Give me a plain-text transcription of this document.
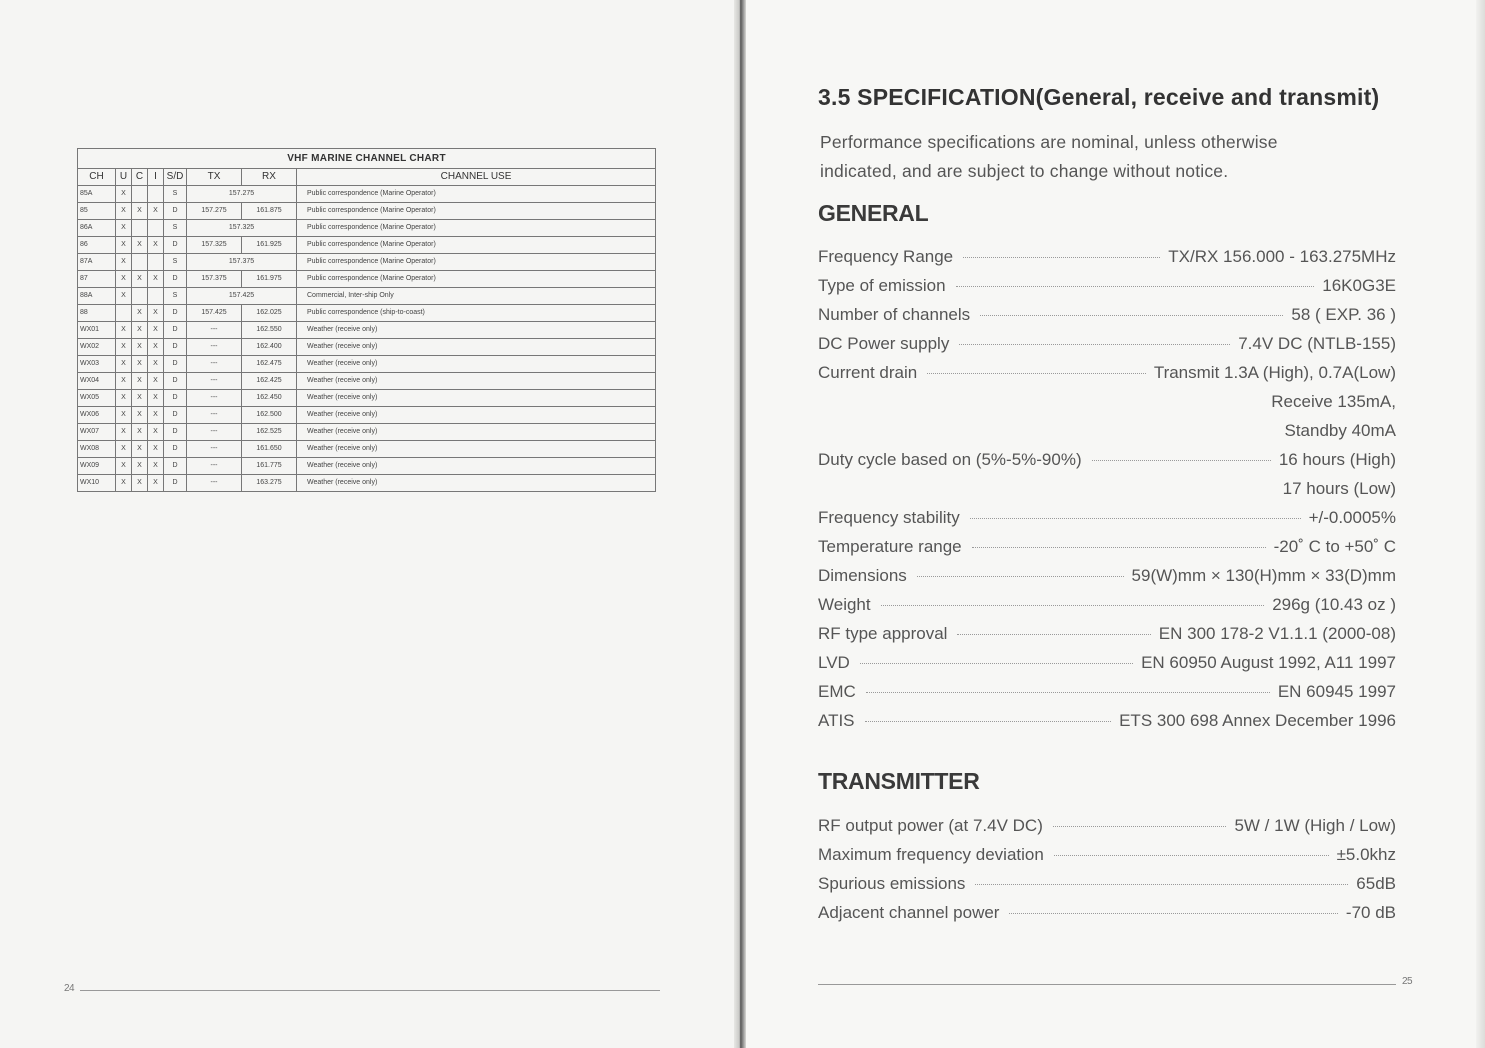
VHF MARINE CHANNEL CHART							
CH	U	C	I	S/D	TX	RX	CHANNEL USE
85A	X			S	157.275		Public correspondence (Marine Operator)
85	X	X	X	D	157.275	161.875	Public correspondence (Marine Operator)
86A	X			S	157.325		Public correspondence (Marine Operator)
86	X	X	X	D	157.325	161.925	Public correspondence (Marine Operator)
87A	X			S	157.375		Public correspondence (Marine Operator)
87	X	X	X	D	157.375	161.975	Public correspondence (Marine Operator)
88A	X			S	157.425		Commercial, Inter-ship Only
88		X	X	D	157.425	162.025	Public correspondence (ship-to-coast)
WX01	X	X	X	D	---	162.550	Weather (receive only)
WX02	X	X	X	D	---	162.400	Weather (receive only)
WX03	X	X	X	D	---	162.475	Weather (receive only)
WX04	X	X	X	D	---	162.425	Weather (receive only)
WX05	X	X	X	D	---	162.450	Weather (receive only)
WX06	X	X	X	D	---	162.500	Weather (receive only)
WX07	X	X	X	D	---	162.525	Weather (receive only)
WX08	X	X	X	D	---	161.650	Weather (receive only)
WX09	X	X	X	D	---	161.775	Weather (receive only)
WX10	X	X	X	D	---	163.275	Weather (receive only)
24
3.5 SPECIFICATION(General, receive and transmit)
Performance specifications are nominal, unless otherwise
indicated, and are subject to change without notice.
GENERAL
Frequency Range	TX/RX 156.000 - 163.275MHz
Type of emission	16K0G3E
Number of channels	58 ( EXP. 36 )
DC Power supply	7.4V DC (NTLB-155)
Current drain	Transmit 1.3A (High), 0.7A(Low)
Receive 135mA,
Standby 40mA
Duty cycle based on (5%-5%-90%)	16 hours (High)
17 hours (Low)
Frequency stability	+/-0.0005%
Temperature range	-20˚ C to +50˚ C
Dimensions	59(W)mm × 130(H)mm × 33(D)mm
Weight	296g (10.43 oz )
RF type approval	EN 300 178-2 V1.1.1 (2000-08)
LVD	EN 60950 August 1992, A11 1997
EMC	EN 60945 1997
ATIS	ETS 300 698 Annex December 1996
TRANSMITTER
RF output power (at 7.4V DC)	5W / 1W (High / Low)
Maximum frequency deviation	±5.0khz
Spurious emissions	65dB
Adjacent channel power	-70 dB
25
